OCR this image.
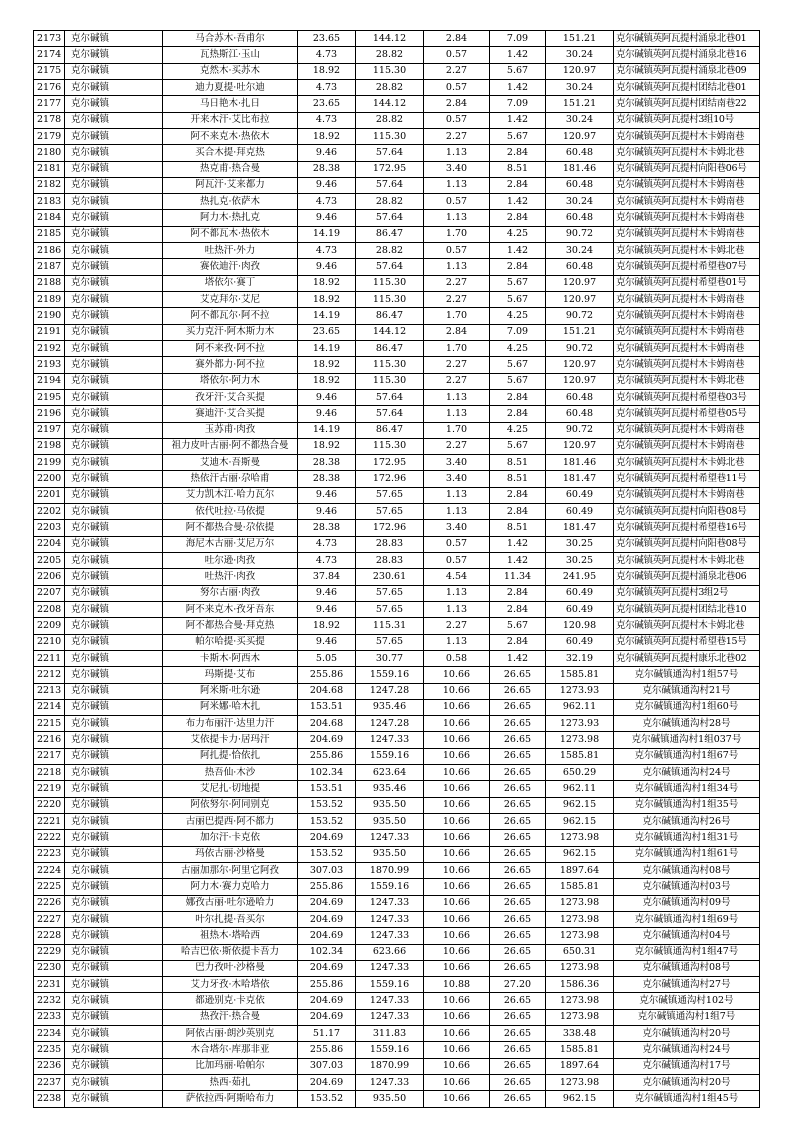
2173	克尔碱镇	马合苏木·吾甫尔	23.65	144.12	2.84	7.09	151.21	克尔碱镇英阿瓦提村涌泉北巷01
2174	克尔碱镇	瓦热斯江·玉山	4.73	28.82	0.57	1.42	30.24	克尔碱镇英阿瓦提村涌泉北巷16
2175	克尔碱镇	克然木·买苏木	18.92	115.30	2.27	5.67	120.97	克尔碱镇英阿瓦提村涌泉北巷09
2176	克尔碱镇	迪力夏提·吐尔迪	4.73	28.82	0.57	1.42	30.24	克尔碱镇英阿瓦提村团结北巷01
2177	克尔碱镇	马日艳木·扎日	23.65	144.12	2.84	7.09	151.21	克尔碱镇英阿瓦提村团结南巷22
2178	克尔碱镇	开来木汗·艾比布拉	4.73	28.82	0.57	1.42	30.24	克尔碱镇英阿瓦提村3组10号
2179	克尔碱镇	阿不来克木·热依木	18.92	115.30	2.27	5.67	120.97	克尔碱镇英阿瓦提村木卡姆南巷
2180	克尔碱镇	买合木提·拜克热	9.46	57.64	1.13	2.84	60.48	克尔碱镇英阿瓦提村木卡姆北巷
2181	克尔碱镇	热克甫·热合曼	28.38	172.95	3.40	8.51	181.46	克尔碱镇英阿瓦提村向阳巷06号
2182	克尔碱镇	阿瓦汗·艾来都力	9.46	57.64	1.13	2.84	60.48	克尔碱镇英阿瓦提村木卡姆南巷
2183	克尔碱镇	热扎克·依萨木	4.73	28.82	0.57	1.42	30.24	克尔碱镇英阿瓦提村木卡姆南巷
2184	克尔碱镇	阿力木·热扎克	9.46	57.64	1.13	2.84	60.48	克尔碱镇英阿瓦提村木卡姆南巷
2185	克尔碱镇	阿不都瓦木·热依木	14.19	86.47	1.70	4.25	90.72	克尔碱镇英阿瓦提村木卡姆南巷
2186	克尔碱镇	吐热汗·外力	4.73	28.82	0.57	1.42	30.24	克尔碱镇英阿瓦提村木卡姆北巷
2187	克尔碱镇	赛依迪汗·肉孜	9.46	57.64	1.13	2.84	60.48	克尔碱镇英阿瓦提村希望巷07号
2188	克尔碱镇	塔依尔·赛丁	18.92	115.30	2.27	5.67	120.97	克尔碱镇英阿瓦提村希望巷01号
2189	克尔碱镇	艾克拜尔·艾尼	18.92	115.30	2.27	5.67	120.97	克尔碱镇英阿瓦提村木卡姆南巷
2190	克尔碱镇	阿不都瓦尔·阿不拉	14.19	86.47	1.70	4.25	90.72	克尔碱镇英阿瓦提村木卡姆南巷
2191	克尔碱镇	买力克汗·阿木斯力木	23.65	144.12	2.84	7.09	151.21	克尔碱镇英阿瓦提村木卡姆南巷
2192	克尔碱镇	阿不来孜·阿不拉	14.19	86.47	1.70	4.25	90.72	克尔碱镇英阿瓦提村木卡姆南巷
2193	克尔碱镇	赛外都力·阿不拉	18.92	115.30	2.27	5.67	120.97	克尔碱镇英阿瓦提村木卡姆南巷
2194	克尔碱镇	塔依尔·阿力木	18.92	115.30	2.27	5.67	120.97	克尔碱镇英阿瓦提村木卡姆北巷
2195	克尔碱镇	孜牙汗·艾合买提	9.46	57.64	1.13	2.84	60.48	克尔碱镇英阿瓦提村希望巷03号
2196	克尔碱镇	赛迪汗·艾合买提	9.46	57.64	1.13	2.84	60.48	克尔碱镇英阿瓦提村希望巷05号
2197	克尔碱镇	玉苏甫·肉孜	14.19	86.47	1.70	4.25	90.72	克尔碱镇英阿瓦提村木卡姆南巷
2198	克尔碱镇	祖力皮叶古丽·阿不都热合曼	18.92	115.30	2.27	5.67	120.97	克尔碱镇英阿瓦提村木卡姆南巷
2199	克尔碱镇	艾迪木·吾斯曼	28.38	172.95	3.40	8.51	181.46	克尔碱镇英阿瓦提村木卡姆北巷
2200	克尔碱镇	热依汗古丽·尕哈甫	28.38	172.96	3.40	8.51	181.47	克尔碱镇英阿瓦提村希望巷11号
2201	克尔碱镇	艾力凯木江·哈力瓦尔	9.46	57.65	1.13	2.84	60.49	克尔碱镇英阿瓦提村木卡姆南巷
2202	克尔碱镇	依代吐拉·马依提	9.46	57.65	1.13	2.84	60.49	克尔碱镇英阿瓦提村向阳巷08号
2203	克尔碱镇	阿不都热合曼·尕依提	28.38	172.96	3.40	8.51	181.47	克尔碱镇英阿瓦提村希望巷16号
2204	克尔碱镇	海尼木古丽·艾尼万尔	4.73	28.83	0.57	1.42	30.25	克尔碱镇英阿瓦提村向阳巷08号
2205	克尔碱镇	吐尔逊·肉孜	4.73	28.83	0.57	1.42	30.25	克尔碱镇英阿瓦提村木卡姆北巷
2206	克尔碱镇	吐热汗·肉孜	37.84	230.61	4.54	11.34	241.95	克尔碱镇英阿瓦提村涌泉北巷06
2207	克尔碱镇	努尔古丽·肉孜	9.46	57.65	1.13	2.84	60.49	克尔碱镇英阿瓦提村3组2号
2208	克尔碱镇	阿不来克木·孜牙吾东	9.46	57.65	1.13	2.84	60.49	克尔碱镇英阿瓦提村团结北巷10
2209	克尔碱镇	阿不都热合曼·拜克热	18.92	115.31	2.27	5.67	120.98	克尔碱镇英阿瓦提村木卡姆北巷
2210	克尔碱镇	帕尔哈提·买买提	9.46	57.65	1.13	2.84	60.49	克尔碱镇英阿瓦提村希望巷15号
2211	克尔碱镇	卡斯木·阿西木	5.05	30.77	0.58	1.42	32.19	克尔碱镇英阿瓦提村康乐北巷02
2212	克尔碱镇	玛斯提·艾布	255.86	1559.16	10.66	26.65	1585.81	克尔碱镇通沟村1组57号
2213	克尔碱镇	阿米斯·吐尔逊	204.68	1247.28	10.66	26.65	1273.93	克尔碱镇通沟村21号
2214	克尔碱镇	阿米娜·哈木扎	153.51	935.46	10.66	26.65	962.11	克尔碱镇通沟村1组60号
2215	克尔碱镇	布力布丽汗·达里力汗	204.68	1247.28	10.66	26.65	1273.93	克尔碱镇通沟村28号
2216	克尔碱镇	艾依提卡力·居玛汗	204.69	1247.33	10.66	26.65	1273.98	克尔碱镇通沟村1组037号
2217	克尔碱镇	阿扎提·恰依扎	255.86	1559.16	10.66	26.65	1585.81	克尔碱镇通沟村1组67号
2218	克尔碱镇	热吾仙·木沙	102.34	623.64	10.66	26.65	650.29	克尔碱镇通沟村24号
2219	克尔碱镇	艾尼扎·切地提	153.51	935.46	10.66	26.65	962.11	克尔碱镇通沟村1组34号
2220	克尔碱镇	阿依努尔·阿同别克	153.52	935.50	10.66	26.65	962.15	克尔碱镇通沟村1组35号
2221	克尔碱镇	古丽巴提西·阿不都力	153.52	935.50	10.66	26.65	962.15	克尔碱镇通沟村26号
2222	克尔碱镇	加尔汗·卡克依	204.69	1247.33	10.66	26.65	1273.98	克尔碱镇通沟村1组31号
2223	克尔碱镇	玛依古丽·沙格曼	153.52	935.50	10.66	26.65	962.15	克尔碱镇通沟村1组61号
2224	克尔碱镇	古丽加那尔·阿里它阿孜	307.03	1870.99	10.66	26.65	1897.64	克尔碱镇通沟村08号
2225	克尔碱镇	阿力木·赛力克哈力	255.86	1559.16	10.66	26.65	1585.81	克尔碱镇通沟村03号
2226	克尔碱镇	娜孜古丽·吐尔逊哈力	204.69	1247.33	10.66	26.65	1273.98	克尔碱镇通沟村09号
2227	克尔碱镇	叶尔扎提·吾买尔	204.69	1247.33	10.66	26.65	1273.98	克尔碱镇通沟村1组69号
2228	克尔碱镇	祖热木·塔哈西	204.69	1247.33	10.66	26.65	1273.98	克尔碱镇通沟村04号
2229	克尔碱镇	哈吉巴依·斯依提卡吾力	102.34	623.66	10.66	26.65	650.31	克尔碱镇通沟村1组47号
2230	克尔碱镇	巴力孜叶·沙格曼	204.69	1247.33	10.66	26.65	1273.98	克尔碱镇通沟村08号
2231	克尔碱镇	艾力牙孜·木哈塔依	255.86	1559.16	10.88	27.20	1586.36	克尔碱镇通沟村27号
2232	克尔碱镇	都逊别克·卡克依	204.69	1247.33	10.66	26.65	1273.98	克尔碱镇通沟村102号
2233	克尔碱镇	热孜汗·热合曼	204.69	1247.33	10.66	26.65	1273.98	克尔碱镇通沟村1组7号
2234	克尔碱镇	阿依古丽·朗沙英别克	51.17	311.83	10.66	26.65	338.48	克尔碱镇通沟村20号
2235	克尔碱镇	木合塔尔·库那非亚	255.86	1559.16	10.66	26.65	1585.81	克尔碱镇通沟村24号
2236	克尔碱镇	比加玛丽·哈帕尔	307.03	1870.99	10.66	26.65	1897.64	克尔碱镇通沟村17号
2237	克尔碱镇	热西·茹扎	204.69	1247.33	10.66	26.65	1273.98	克尔碱镇通沟村20号
2238	克尔碱镇	萨依拉西·阿斯哈布力	153.52	935.50	10.66	26.65	962.15	克尔碱镇通沟村1组45号
